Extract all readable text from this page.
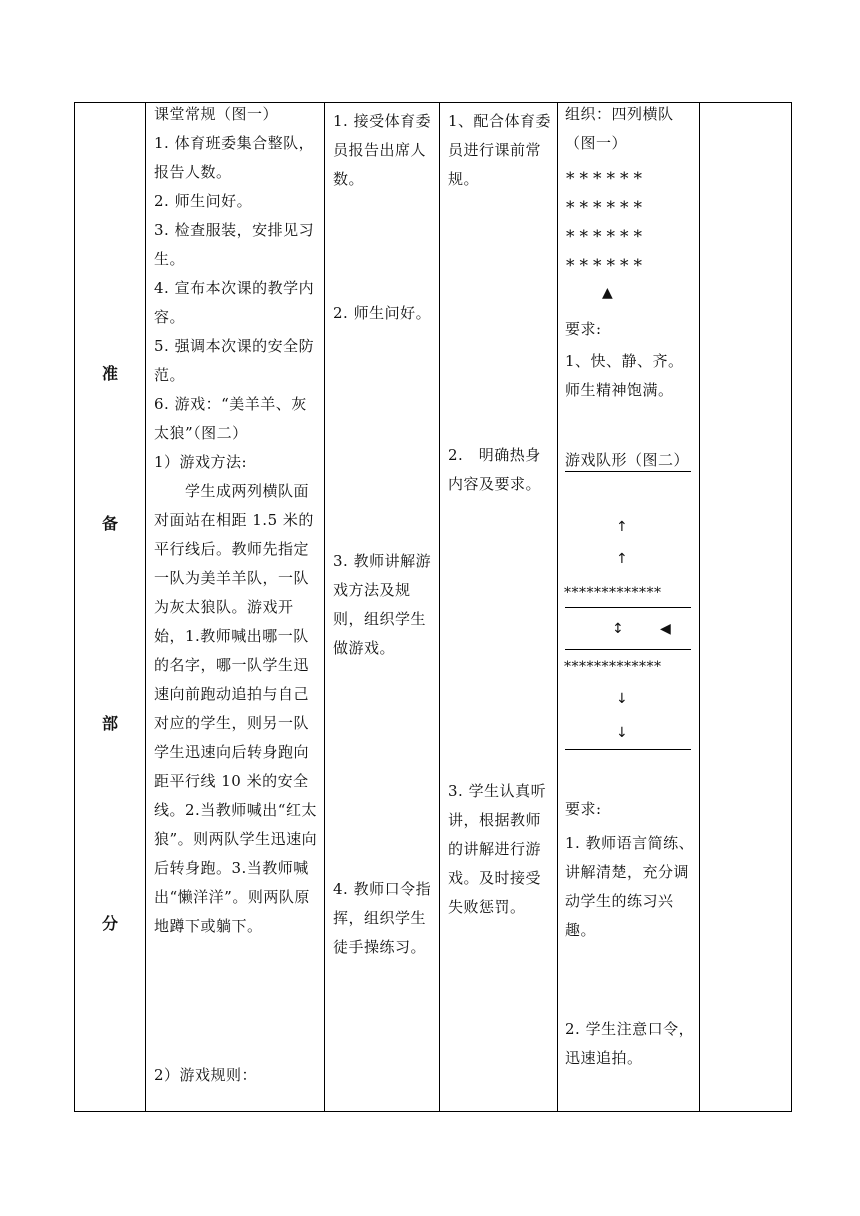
准
备
部
分

课堂常规（图一）
1. 体育班委集合整队，报告人数。
2. 师生问好。
3. 检查服装，安排见习生。
4. 宣布本次课的教学内容。
5. 强调本次课的安全防范。
6. 游戏：“美羊羊、灰太狼”（图二）
1）游戏方法:
　　学生成两列横队面对面站在相距 1.5 米的平行线后。教师先指定一队为美羊羊队，一队为灰太狼队。游戏开始，1.教师喊出哪一队的名字，哪一队学生迅速向前跑动追拍与自己对应的学生，则另一队学生迅速向后转身跑向距平行线 10 米的安全线。2.当教师喊出“红太狼”。则两队学生迅速向后转身跑。3.当教师喊出“懒洋洋”。则两队原地蹲下或躺下。
2）游戏规则：

1. 接受体育委员报告出席人数。
2. 师生问好。
3. 教师讲解游戏方法及规则，组织学生做游戏。
4. 教师口令指挥，组织学生徒手操练习。

1、配合体育委员进行课前常规。
2.　明确热身内容及要求。
3. 学生认真听讲，根据教师的讲解进行游戏。及时接受失败惩罚。

组织：四列横队（图一）
******
******
******
******
▲
要求:
1、快、静、齐。师生精神饱满。
游戏队形（图二）
↑
↑
*************
↕	◀
*************
↓
↓
要求:
1. 教师语言简练、讲解清楚，充分调动学生的练习兴趣。
2. 学生注意口令，迅速追拍。
